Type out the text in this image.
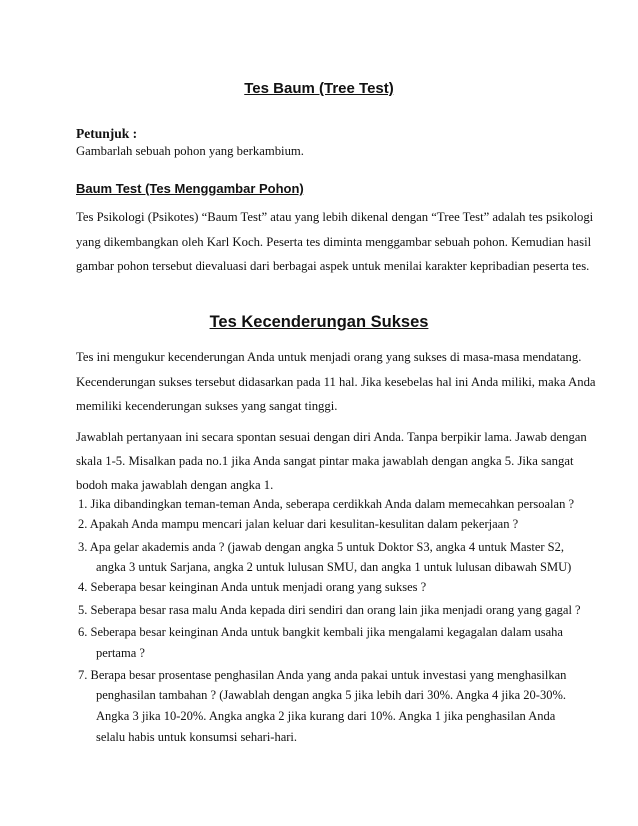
Tes Baum (Tree Test)
Petunjuk :
Gambarlah sebuah pohon yang berkambium.
Baum Test (Tes Menggambar Pohon)
Tes Psikologi (Psikotes) “Baum Test” atau yang lebih dikenal dengan “Tree Test” adalah tes psikologi
yang dikembangkan oleh Karl Koch. Peserta tes diminta menggambar sebuah pohon. Kemudian hasil
gambar pohon tersebut dievaluasi dari berbagai aspek untuk menilai karakter kepribadian peserta tes.
Tes Kecenderungan Sukses
Tes ini mengukur kecenderungan Anda untuk menjadi orang yang sukses di masa-masa mendatang.
Kecenderungan sukses tersebut didasarkan pada 11 hal. Jika kesebelas hal ini Anda miliki, maka Anda
memiliki kecenderungan sukses yang sangat tinggi.
Jawablah pertanyaan ini secara spontan sesuai dengan diri Anda. Tanpa berpikir lama. Jawab dengan
skala 1-5. Misalkan pada no.1 jika Anda sangat pintar maka jawablah dengan angka 5. Jika sangat
bodoh maka jawablah dengan angka 1.
1. Jika dibandingkan teman-teman Anda, seberapa cerdikkah Anda dalam memecahkan persoalan ?
2. Apakah Anda mampu mencari jalan keluar dari kesulitan-kesulitan dalam pekerjaan ?
3. Apa gelar akademis anda ? (jawab dengan angka 5 untuk Doktor S3, angka 4 untuk Master S2,
angka 3 untuk Sarjana, angka 2 untuk lulusan SMU, dan angka 1 untuk lulusan dibawah SMU)
4. Seberapa besar keinginan Anda untuk menjadi orang yang sukses ?
5. Seberapa besar rasa malu Anda kepada diri sendiri dan orang lain jika menjadi orang yang gagal ?
6. Seberapa besar keinginan Anda untuk bangkit kembali jika mengalami kegagalan dalam usaha
pertama ?
7. Berapa besar prosentase penghasilan Anda yang anda pakai untuk investasi yang menghasilkan
penghasilan tambahan ? (Jawablah dengan angka 5 jika lebih dari 30%. Angka 4 jika 20-30%.
Angka 3 jika 10-20%. Angka angka 2 jika kurang dari 10%. Angka 1 jika penghasilan Anda
selalu habis untuk konsumsi sehari-hari.
